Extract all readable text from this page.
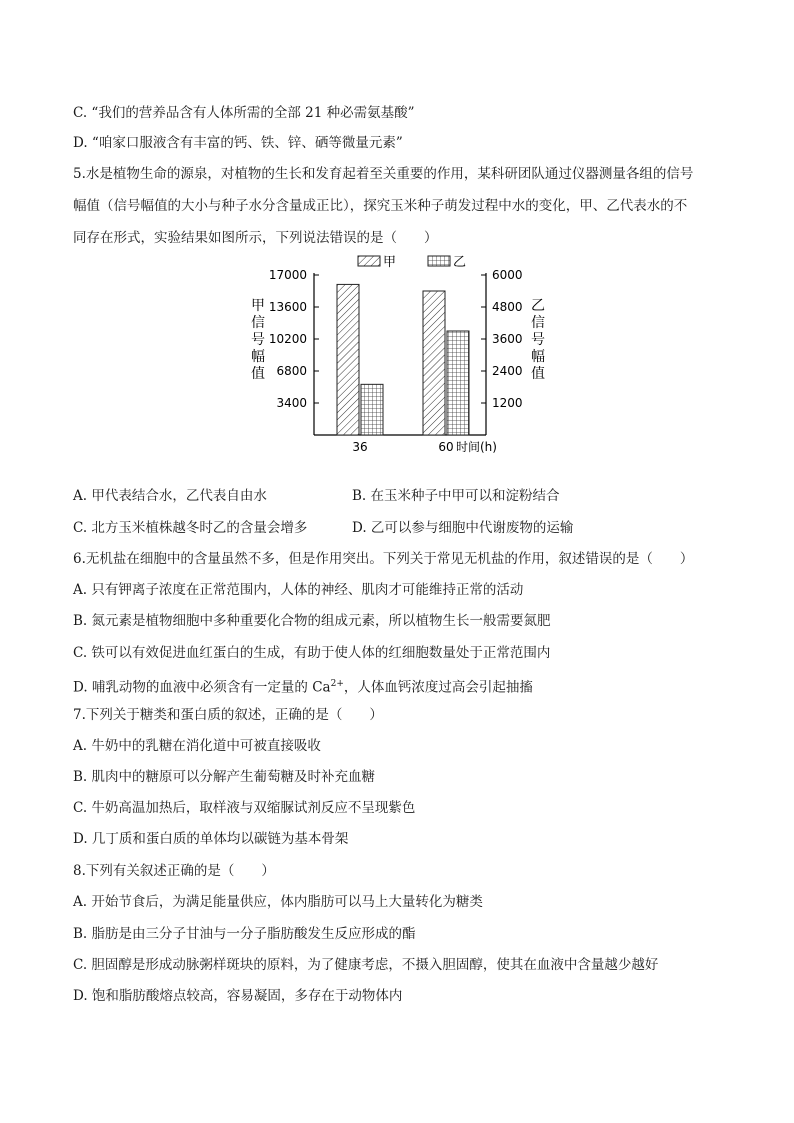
C. “我们的营养品含有人体所需的全部 21 种必需氨基酸”
D. “咱家口服液含有丰富的钙、铁、锌、硒等微量元素”
5.水是植物生命的源泉，对植物的生长和发育起着至关重要的作用，某科研团队通过仪器测量各组的信号
幅值（信号幅值的大小与种子水分含量成正比），探究玉米种子萌发过程中水的变化，甲、乙代表水的不
同存在形式，实验结果如图所示，下列说法错误的是（　　）
17000
13600
10200
6800
3400
6000
4800
3600
2400
1200
甲
信
号
幅
值
乙
信
号
幅
值
36	60 时间(h)
甲	乙
A. 甲代表结合水，乙代表自由水	B. 在玉米种子中甲可以和淀粉结合
C. 北方玉米植株越冬时乙的含量会增多	D. 乙可以参与细胞中代谢废物的运输
6.无机盐在细胞中的含量虽然不多，但是作用突出。下列关于常见无机盐的作用，叙述错误的是（　　）
A. 只有钾离子浓度在正常范围内，人体的神经、肌肉才可能维持正常的活动
B. 氮元素是植物细胞中多种重要化合物的组成元素，所以植物生长一般需要氮肥
C. 铁可以有效促进血红蛋白的生成，有助于使人体的红细胞数量处于正常范围内
D. 哺乳动物的血液中必须含有一定量的 $Ca^{2+}$，人体血钙浓度过高会引起抽搐
7.下列关于糖类和蛋白质的叙述，正确的是（　　）
A. 牛奶中的乳糖在消化道中可被直接吸收
B. 肌肉中的糖原可以分解产生葡萄糖及时补充血糖
C. 牛奶高温加热后，取样液与双缩脲试剂反应不呈现紫色
D. 几丁质和蛋白质的单体均以碳链为基本骨架
8.下列有关叙述正确的是（　　）
A. 开始节食后，为满足能量供应，体内脂肪可以马上大量转化为糖类
B. 脂肪是由三分子甘油与一分子脂肪酸发生反应形成的酯
C. 胆固醇是形成动脉粥样斑块的原料，为了健康考虑，不摄入胆固醇，使其在血液中含量越少越好
D. 饱和脂肪酸熔点较高，容易凝固，多存在于动物体内
